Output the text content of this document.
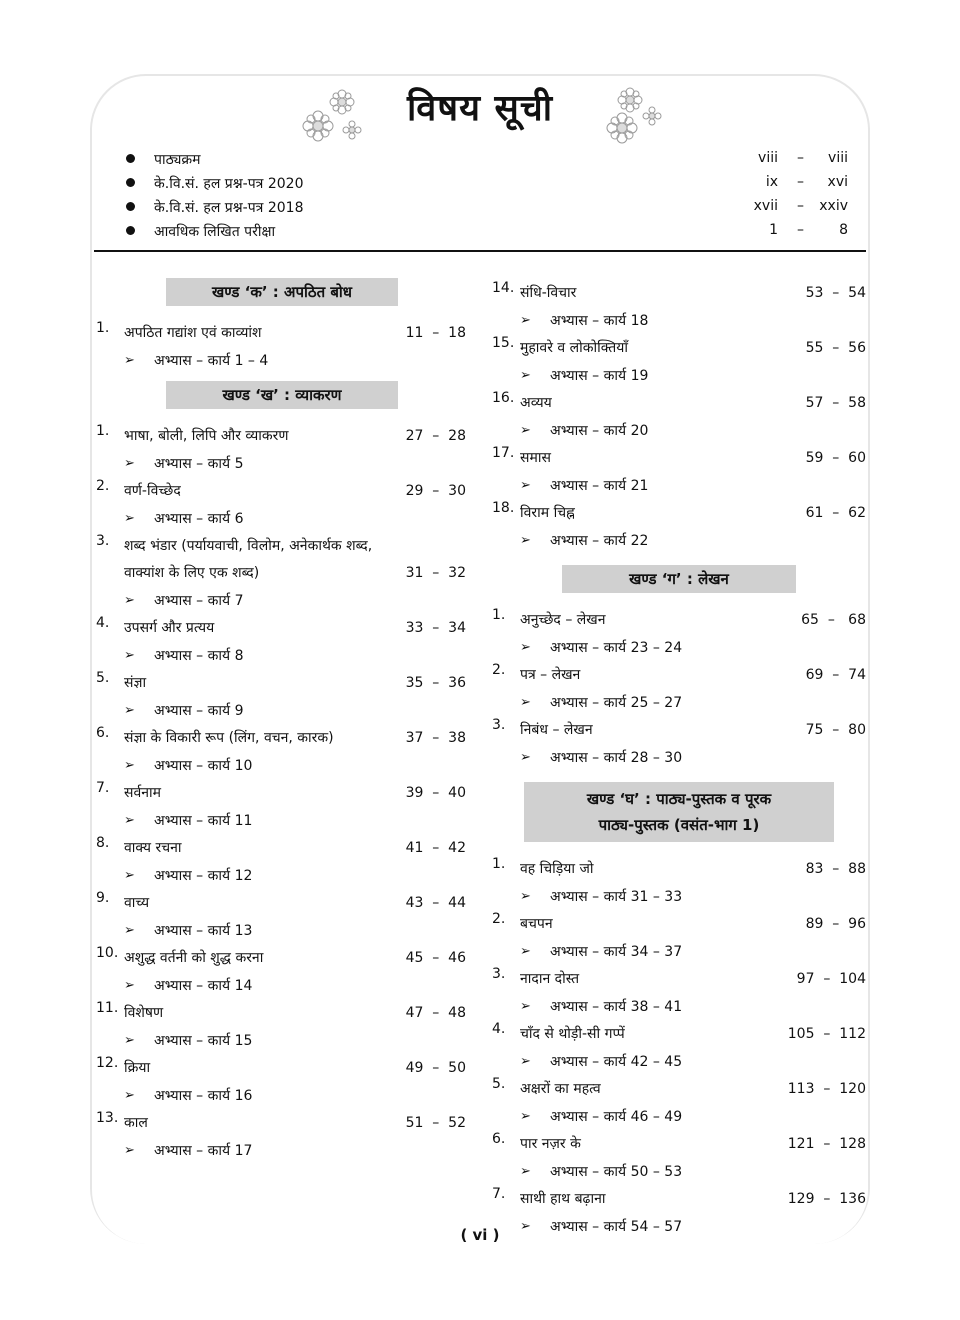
विषय सूची
पाठ्यक्रम	viii –	viii
के.वि.सं. हल प्रश्न-पत्र 2020	ix –	xvi
के.वि.सं. हल प्रश्न-पत्र 2018	xvii –	xxiv
आवधिक लिखित परीक्षा	1 –	8
खण्ड ‘क’ : अपठित बोध
1. अपठित गद्यांश एवं काव्यांश	11  –  18
➢ अभ्यास – कार्य 1 – 4
खण्ड ‘ख’ : व्याकरण
1. भाषा, बोली, लिपि और व्याकरण	27  –  28
➢ अभ्यास – कार्य 5
2. वर्ण-विच्छेद	29  –  30
➢ अभ्यास – कार्य 6
3. शब्द भंडार (पर्यायवाची, विलोम, अनेकार्थक शब्द, वाक्यांश के लिए एक शब्द)	31  –  32
➢ अभ्यास – कार्य 7
4. उपसर्ग और प्रत्यय	33  –  34
➢ अभ्यास – कार्य 8
5. संज्ञा	35  –  36
➢ अभ्यास – कार्य 9
6. संज्ञा के विकारी रूप (लिंग, वचन, कारक)	37  –  38
➢ अभ्यास – कार्य 10
7. सर्वनाम	39  –  40
➢ अभ्यास – कार्य 11
8. वाक्य रचना	41  –  42
➢ अभ्यास – कार्य 12
9. वाच्य	43  –  44
➢ अभ्यास – कार्य 13
10. अशुद्ध वर्तनी को शुद्ध करना	45  –  46
➢ अभ्यास – कार्य 14
11. विशेषण	47  –  48
➢ अभ्यास – कार्य 15
12. क्रिया	49  –  50
➢ अभ्यास – कार्य 16
13. काल	51  –  52
➢ अभ्यास – कार्य 17
14. संधि-विचार	53  –  54
➢ अभ्यास – कार्य 18
15. मुहावरे व लोकोक्तियाँ	55  –  56
➢ अभ्यास – कार्य 19
16. अव्यय	57  –  58
➢ अभ्यास – कार्य 20
17. समास	59  –  60
➢ अभ्यास – कार्य 21
18. विराम चिह्न	61  –  62
➢ अभ्यास – कार्य 22
खण्ड ‘ग’ : लेखन
1. अनुच्छेद – लेखन	65  –   68
➢ अभ्यास – कार्य 23 – 24
2. पत्र – लेखन	69  –  74
➢ अभ्यास – कार्य 25 – 27
3. निबंध – लेखन	75  –  80
➢ अभ्यास – कार्य 28 – 30
खण्ड ‘घ’ : पाठ्य-पुस्तक व पूरक
पाठ्य-पुस्तक (वसंत-भाग 1)
1. वह चिड़िया जो	83  –  88
➢ अभ्यास – कार्य 31 – 33
2. बचपन	89  –  96
➢ अभ्यास – कार्य 34 – 37
3. नादान दोस्त	97  –  104
➢ अभ्यास – कार्य 38 – 41
4. चाँद से थोड़ी-सी गप्पें	105  –  112
➢ अभ्यास – कार्य 42 – 45
5. अक्षरों का महत्व	113  –  120
➢ अभ्यास – कार्य 46 – 49
6. पार नज़र के	121  –  128
➢ अभ्यास – कार्य 50 – 53
7. साथी हाथ बढ़ाना	129  –  136
➢ अभ्यास – कार्य 54 – 57
( vi )
